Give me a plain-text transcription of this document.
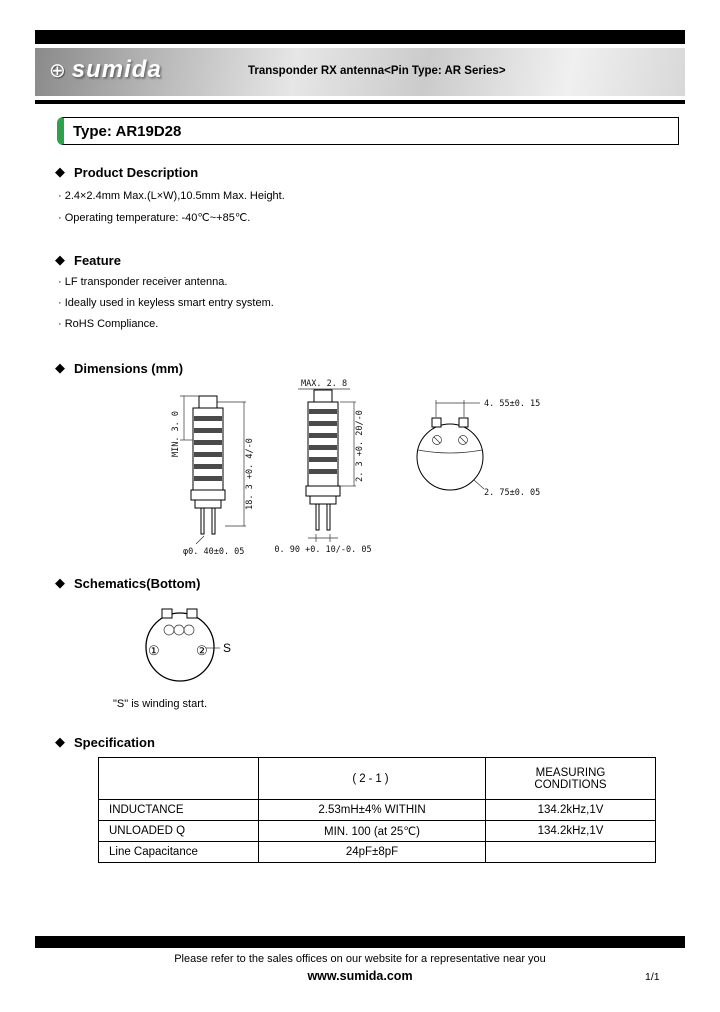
⊕ sumida	Transponder RX antenna<Pin Type: AR Series>
Type: AR19D28
◆ Product Description
· 2.4×2.4mm Max.(L×W),10.5mm Max. Height.
· Operating temperature: -40℃~+85℃.
◆ Feature
· LF transponder receiver antenna.
· Ideally used in keyless smart entry system.
· RoHS Compliance.
◆ Dimensions (mm)
MIN. 3. 0
18. 3 +0. 4/-0
φ0. 40±0. 05
MAX. 2. 8
2. 3 +0. 20/-0
0. 90 +0. 10/-0. 05
4. 55±0. 15
2. 75±0. 05
◆ Schematics(Bottom)
①	② S
"S" is winding start.
◆ Specification
	(2-1)	MEASURING
CONDITIONS

INDUCTANCE	2.53mH±4% WITHIN	134.2kHz,1V
UNLOADED Q	MIN. 100 (at 25℃)	134.2kHz,1V
Line Capacitance	24pF±8pF	
Please refer to the sales offices on our website for a representative near you
www.sumida.com	1/1
